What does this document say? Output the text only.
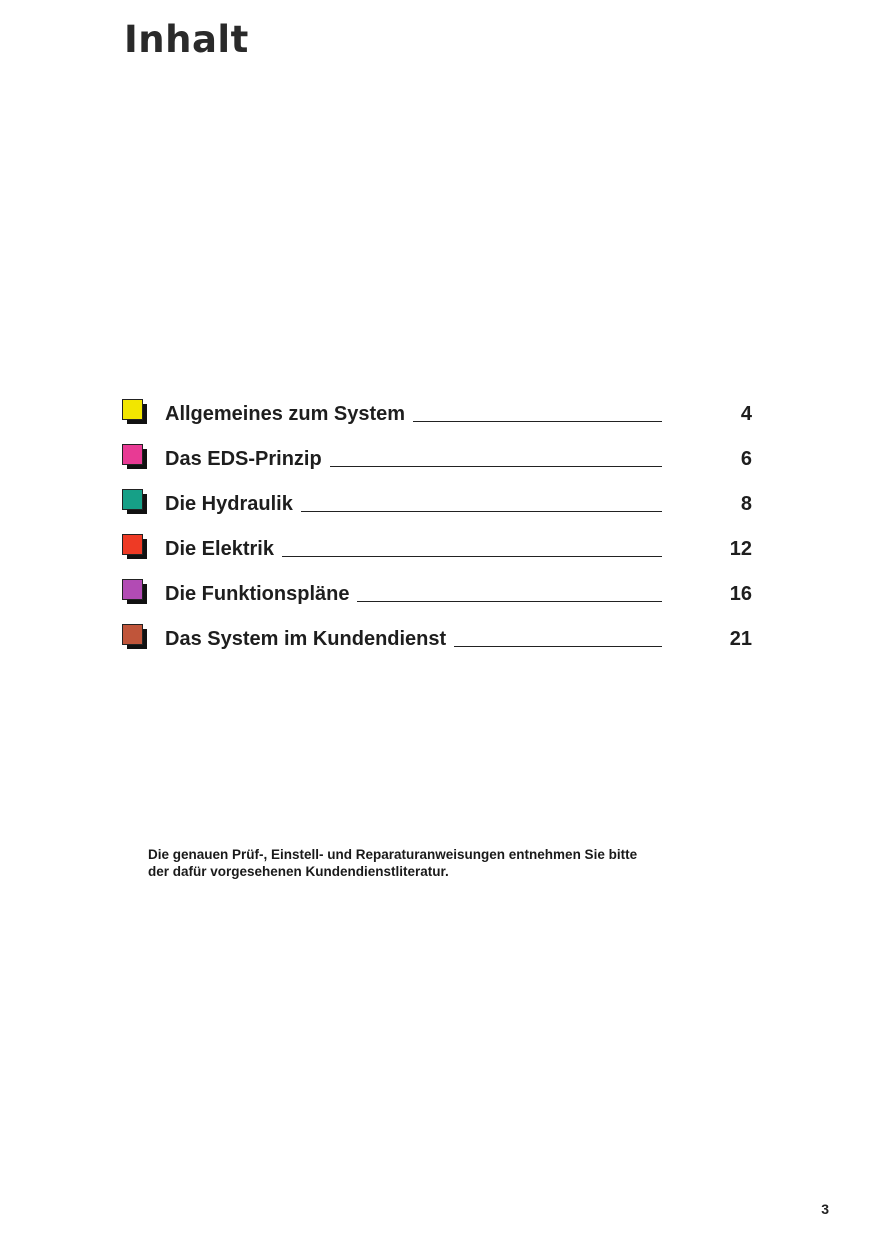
Inhalt
Allgemeines zum System	4
Das EDS-Prinzip	6
Die Hydraulik	8
Die Elektrik	12
Die Funktionspläne	16
Das System im Kundendienst	21

Die genauen Prüf-, Einstell- und Reparaturanweisungen entnehmen Sie bitte
der dafür vorgesehenen Kundendienstliteratur.

3
